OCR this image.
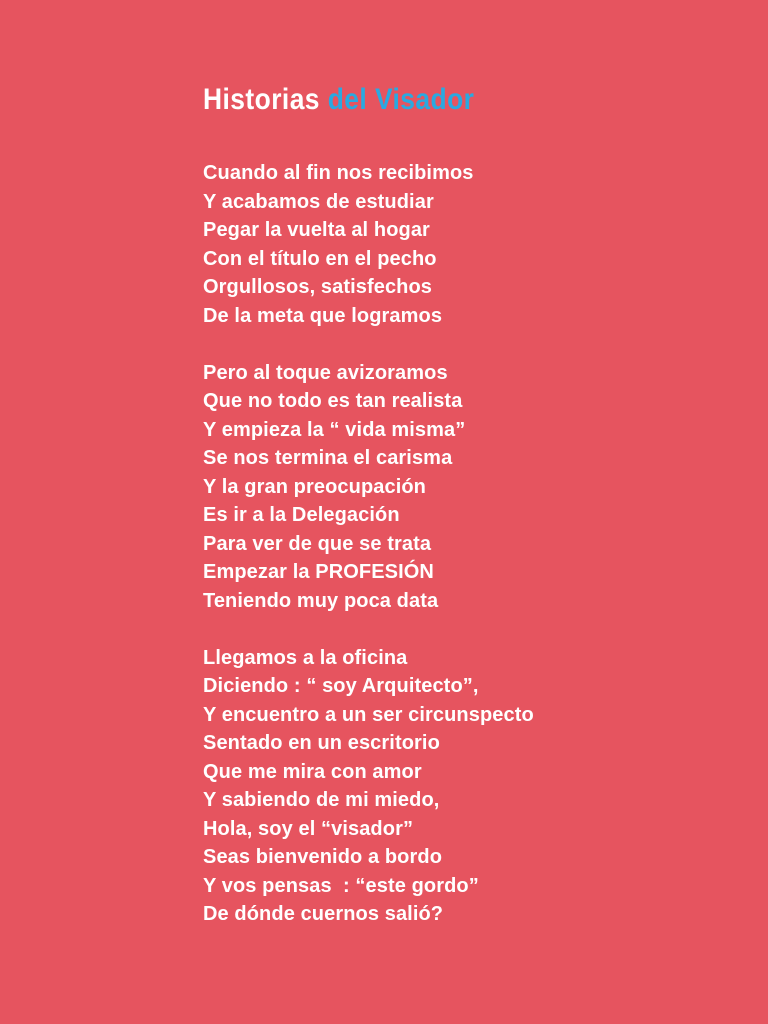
Historias del Visador

Cuando al fin nos recibimos

Y acabamos de estudiar

Pegar la vuelta al hogar

Con el título en el pecho

Orgullosos, satisfechos

De la meta que logramos

Pero al toque avizoramos

Que no todo es tan realista

Y empieza la “ vida misma”

Se nos termina el carisma

Y la gran preocupación

Es ir a la Delegación

Para ver de que se trata

Empezar la PROFESIÓN

Teniendo muy poca data

Llegamos a la oficina

Diciendo : “ soy Arquitecto”,

Y encuentro a un ser circunspecto

Sentado en un escritorio

Que me mira con amor

Y sabiendo de mi miedo,

Hola, soy el “visador”

Seas bienvenido a bordo

Y vos pensas  : “este gordo”

De dónde cuernos salió?
